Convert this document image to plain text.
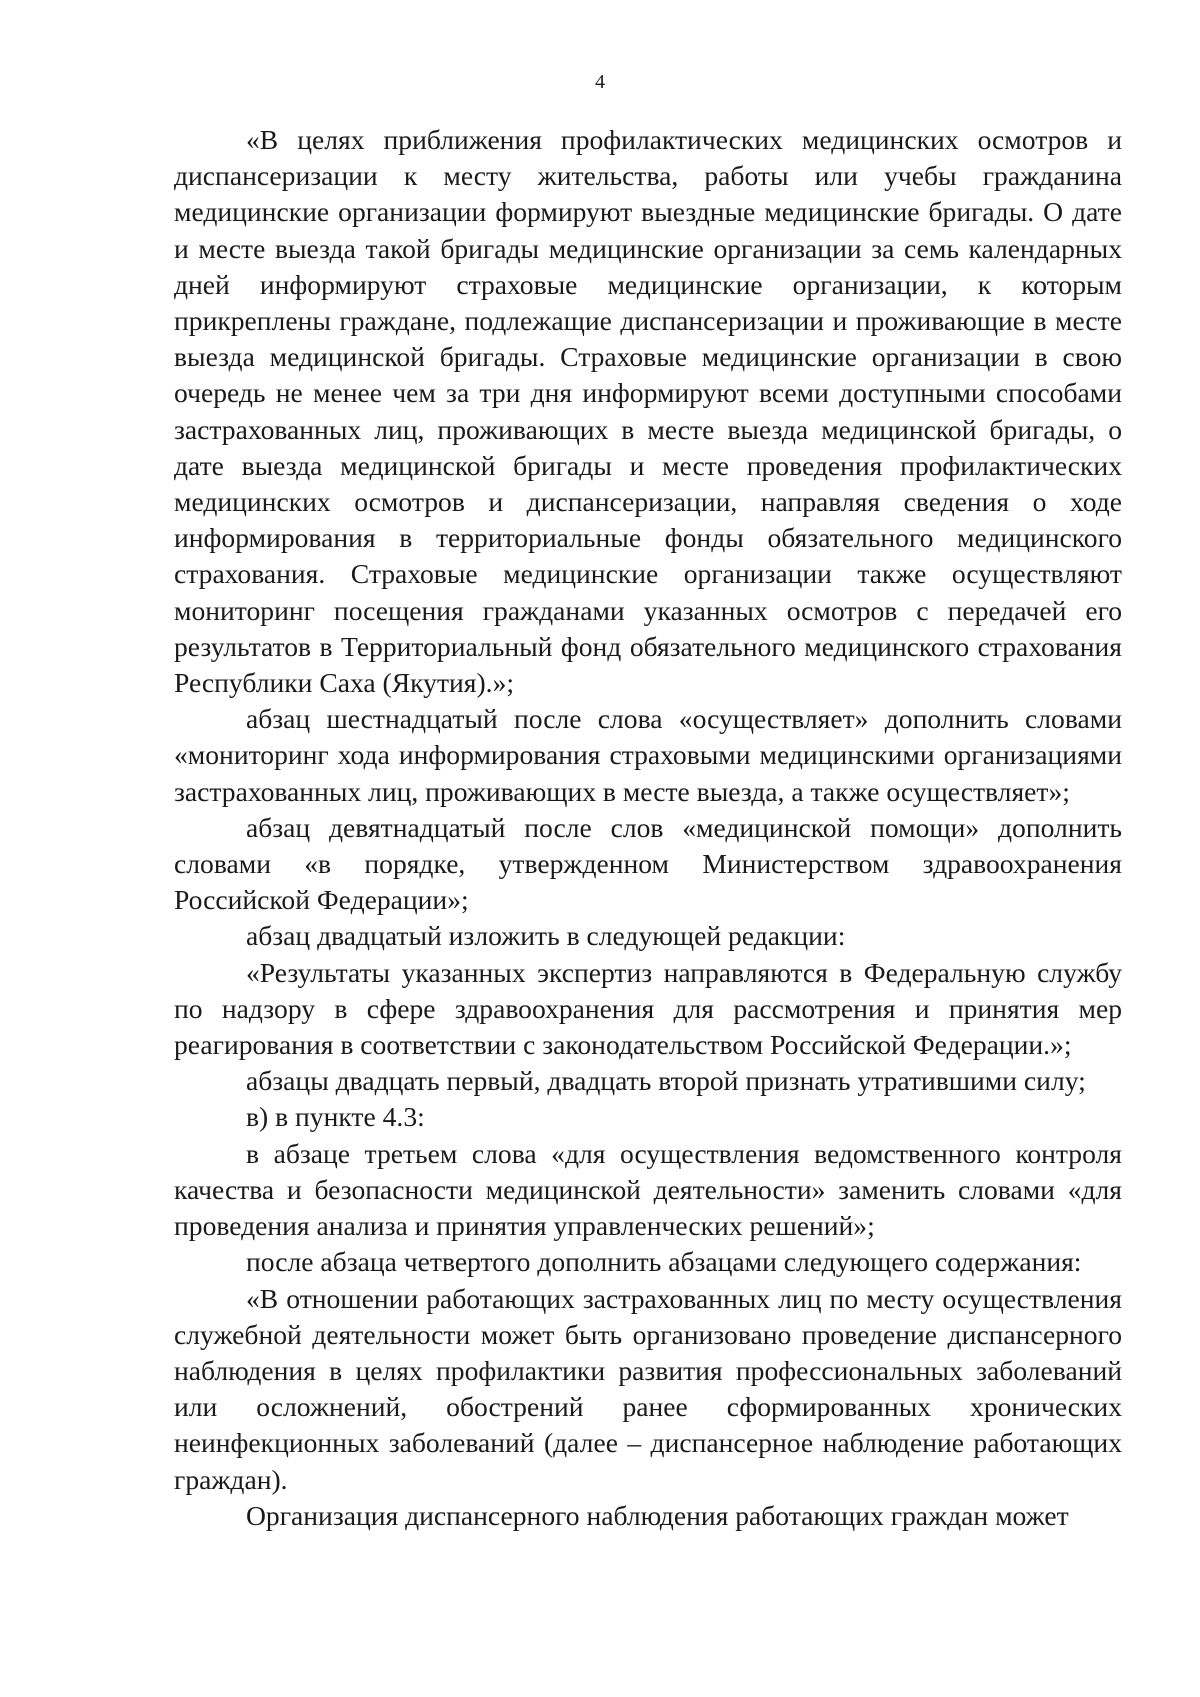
4

«В целях приближения профилактических медицинских осмотров и диспансеризации к месту жительства, работы или учебы гражданина медицинские организации формируют выездные медицинские бригады. О дате и месте выезда такой бригады медицинские организации за семь календарных дней информируют страховые медицинские организации, к которым прикреплены граждане, подлежащие диспансеризации и проживающие в месте выезда медицинской бригады. Страховые медицинские организации в свою очередь не менее чем за три дня информируют всеми доступными способами застрахованных лиц, проживающих в месте выезда медицинской бригады, о дате выезда медицинской бригады и месте проведения профилактических медицинских осмотров и диспансеризации, направляя сведения о ходе информирования в территориальные фонды обязательного медицинского страхования. Страховые медицинские организации также осуществляют мониторинг посещения гражданами указанных осмотров с передачей его результатов в Территориальный фонд обязательного медицинского страхования Республики Саха (Якутия).»;

абзац шестнадцатый после слова «осуществляет» дополнить словами «мониторинг хода информирования страховыми медицинскими организациями застрахованных лиц, проживающих в месте выезда, а также осуществляет»;

абзац девятнадцатый после слов «медицинской помощи» дополнить словами «в порядке, утвержденном Министерством здравоохранения Российской Федерации»;

абзац двадцатый изложить в следующей редакции:

«Результаты указанных экспертиз направляются в Федеральную службу по надзору в сфере здравоохранения для рассмотрения и принятия мер реагирования в соответствии с законодательством Российской Федерации.»;

абзацы двадцать первый, двадцать второй признать утратившими силу;

в) в пункте 4.3:

в абзаце третьем слова «для осуществления ведомственного контроля качества и безопасности медицинской деятельности» заменить словами «для проведения анализа и принятия управленческих решений»;

после абзаца четвертого дополнить абзацами следующего содержания:

«В отношении работающих застрахованных лиц по месту осуществления служебной деятельности может быть организовано проведение диспансерного наблюдения в целях профилактики развития профессиональных заболеваний или осложнений, обострений ранее сформированных хронических неинфекционных заболеваний (далее – диспансерное наблюдение работающих граждан).

Организация диспансерного наблюдения работающих граждан может
